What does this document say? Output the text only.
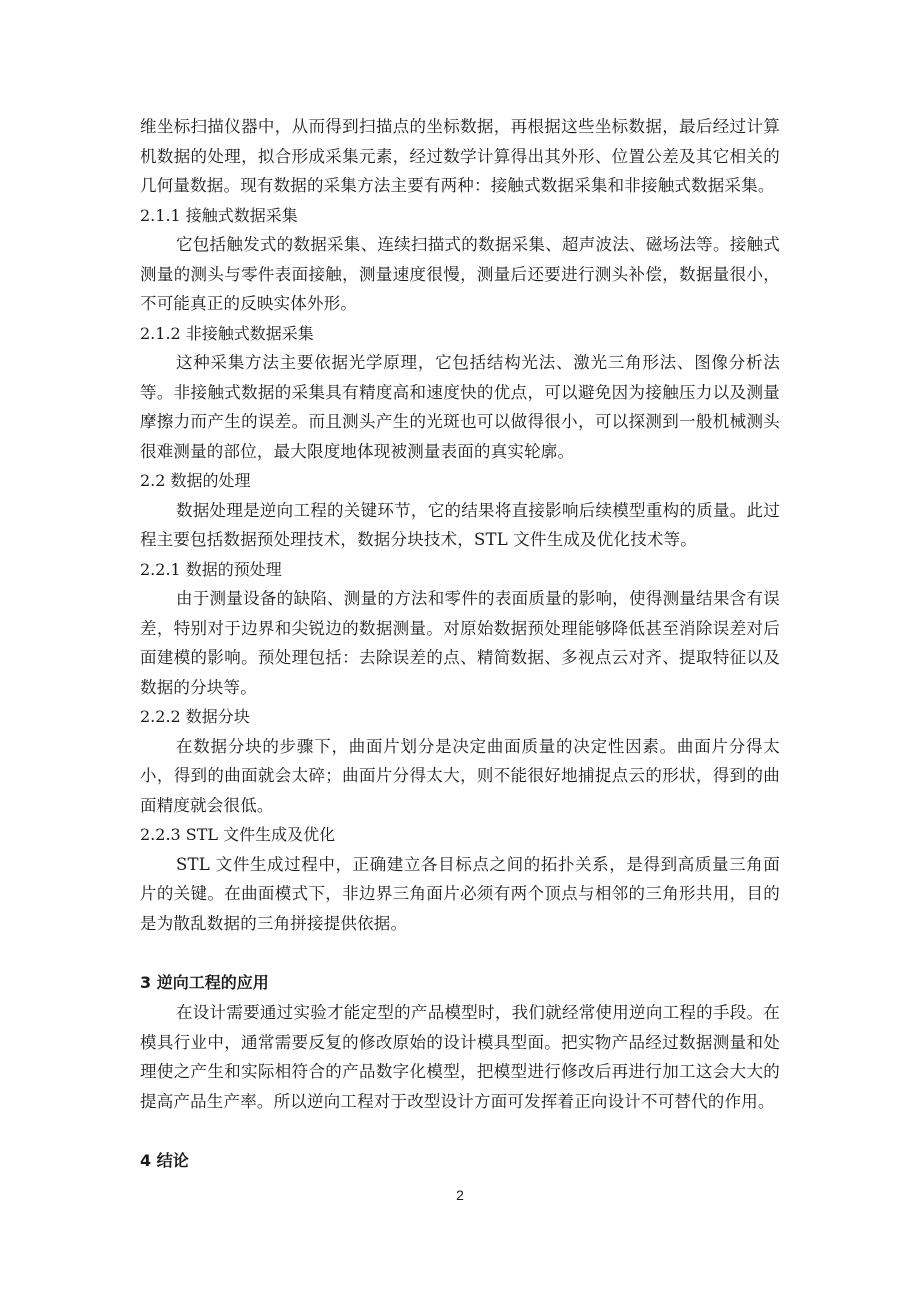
维坐标扫描仪器中，从而得到扫描点的坐标数据，再根据这些坐标数据，最后经过计算机数据的处理，拟合形成采集元素，经过数学计算得出其外形、位置公差及其它相关的几何量数据。现有数据的采集方法主要有两种：接触式数据采集和非接触式数据采集。

2.1.1 接触式数据采集

它包括触发式的数据采集、连续扫描式的数据采集、超声波法、磁场法等。接触式测量的测头与零件表面接触，测量速度很慢，测量后还要进行测头补偿，数据量很小，不可能真正的反映实体外形。

2.1.2 非接触式数据采集

这种采集方法主要依据光学原理，它包括结构光法、激光三角形法、图像分析法等。非接触式数据的采集具有精度高和速度快的优点，可以避免因为接触压力以及测量摩擦力而产生的误差。而且测头产生的光斑也可以做得很小，可以探测到一般机械测头很难测量的部位，最大限度地体现被测量表面的真实轮廓。

2.2 数据的处理

数据处理是逆向工程的关键环节，它的结果将直接影响后续模型重构的质量。此过程主要包括数据预处理技术，数据分块技术，STL 文件生成及优化技术等。

2.2.1 数据的预处理

由于测量设备的缺陷、测量的方法和零件的表面质量的影响，使得测量结果含有误差，特别对于边界和尖锐边的数据测量。对原始数据预处理能够降低甚至消除误差对后面建模的影响。预处理包括：去除误差的点、精简数据、多视点云对齐、提取特征以及数据的分块等。

2.2.2 数据分块

在数据分块的步骤下，曲面片划分是决定曲面质量的决定性因素。曲面片分得太小，得到的曲面就会太碎；曲面片分得太大，则不能很好地捕捉点云的形状，得到的曲面精度就会很低。

2.2.3 STL 文件生成及优化

STL 文件生成过程中，正确建立各目标点之间的拓扑关系，是得到高质量三角面片的关键。在曲面模式下，非边界三角面片必须有两个顶点与相邻的三角形共用，目的是为散乱数据的三角拼接提供依据。

3 逆向工程的应用

在设计需要通过实验才能定型的产品模型时，我们就经常使用逆向工程的手段。在模具行业中，通常需要反复的修改原始的设计模具型面。把实物产品经过数据测量和处理使之产生和实际相符合的产品数字化模型，把模型进行修改后再进行加工这会大大的提高产品生产率。所以逆向工程对于改型设计方面可发挥着正向设计不可替代的作用。

4 结论
2
